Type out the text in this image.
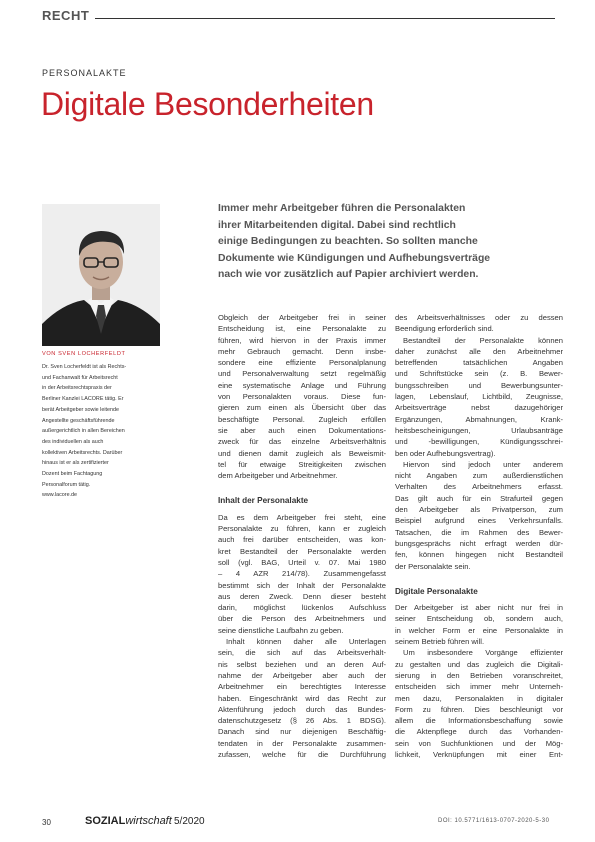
RECHT
PERSONALAKTE
Digitale Besonderheiten
VON SVEN LOCHERFELDT
Dr. Sven Locherfeldt ist als Rechts-
und Fachanwalt für Arbeitsrecht
in der Arbeitsrechtspraxis der
Berliner Kanzlei LACORE tätig. Er
berät Arbeitgeber sowie leitende
Angestellte geschäftsführende
außergerichtlich in allen Bereichen
des individuellen als auch
kollektiven Arbeitsrechts. Darüber
hinaus ist er als zertifizierter
Dozent beim Fachtagung
Personalforum tätig.
www.lacore.de
Immer mehr Arbeitgeber führen die Personalakten
ihrer Mitarbeitenden digital. Dabei sind rechtlich
einige Bedingungen zu beachten. So sollten manche
Dokumente wie Kündigungen und Aufhebungsverträge
nach wie vor zusätzlich auf Papier archiviert werden.
Obgleich der Arbeitgeber frei in seiner
Entscheidung ist, eine Personalakte zu
führen, wird hiervon in der Praxis immer
mehr Gebrauch gemacht. Denn insbe-
sondere eine effiziente Personalplanung
und Personalverwaltung setzt regelmäßig
eine systematische Anlage und Führung
von Personalakten voraus. Diese fun-
gieren zum einen als Übersicht über das
beschäftigte Personal. Zugleich erfüllen
sie aber auch einen Dokumentations-
zweck für das einzelne Arbeitsverhältnis
und dienen damit zugleich als Beweismit-
tel für etwaige Streitigkeiten zwischen
dem Arbeitgeber und Arbeitnehmer.
Inhalt der Personalakte
Da es dem Arbeitgeber frei steht, eine
Personalakte zu führen, kann er zugleich
auch frei darüber entscheiden, was kon-
kret Bestandteil der Personalakte werden
soll (vgl. BAG, Urteil v. 07. Mai 1980
– 4 AZR 214/78). Zusammengefasst
bestimmt sich der Inhalt der Personalakte
aus deren Zweck. Denn dieser besteht
darin, möglichst lückenlos Aufschluss
über die Person des Arbeitnehmers und
seine dienstliche Laufbahn zu geben.
Inhalt können daher alle Unterlagen
sein, die sich auf das Arbeitsverhält-
nis selbst beziehen und an deren Auf-
nahme der Arbeitgeber aber auch der
Arbeitnehmer ein berechtigtes Interesse
haben. Eingeschränkt wird das Recht zur
Aktenführung jedoch durch das Bundes-
datenschutzgesetz (§ 26 Abs. 1 BDSG).
Danach sind nur diejenigen Beschäftig-
tendaten in der Personalakte zusammen-
zufassen, welche für die Durchführung
des Arbeitsverhältnisses oder zu dessen
Beendigung erforderlich sind.
Bestandteil der Personalakte können
daher zunächst alle den Arbeitnehmer
betreffenden tatsächlichen Angaben
und Schriftstücke sein (z. B. Bewer-
bungsschreiben und Bewerbungsunter-
lagen, Lebenslauf, Lichtbild, Zeugnisse,
Arbeitsverträge nebst dazugehöriger
Ergänzungen, Abmahnungen, Krank-
heitsbescheinigungen, Urlaubsanträge
und -bewilligungen, Kündigungsschrei-
ben oder Aufhebungsvertrag).
Hiervon sind jedoch unter anderem
nicht Angaben zum außerdienstlichen
Verhalten des Arbeitnehmers erfasst.
Das gilt auch für ein Strafurteil gegen
den Arbeitgeber als Privatperson, zum
Beispiel aufgrund eines Verkehrsunfalls.
Tatsachen, die im Rahmen des Bewer-
bungsgesprächs nicht erfragt werden dür-
fen, können hingegen nicht Bestandteil
der Personalakte sein.
Digitale Personalakte
Der Arbeitgeber ist aber nicht nur frei in
seiner Entscheidung ob, sondern auch,
in welcher Form er eine Personalakte in
seinem Betrieb führen will.
Um insbesondere Vorgänge effizienter
zu gestalten und das zugleich die Digitali-
sierung in den Betrieben voranschreitet,
entscheiden sich immer mehr Unterneh-
men dazu, Personalakten in digitaler
Form zu führen. Dies beschleunigt vor
allem die Informationsbeschaffung sowie
die Aktenpflege durch das Vorhanden-
sein von Suchfunktionen und der Mög-
lichkeit, Verknüpfungen mit einer Ent-
30	SOZIALwirtschaft 5/2020	DOI: 10.5771/1613-0707-2020-5-30
